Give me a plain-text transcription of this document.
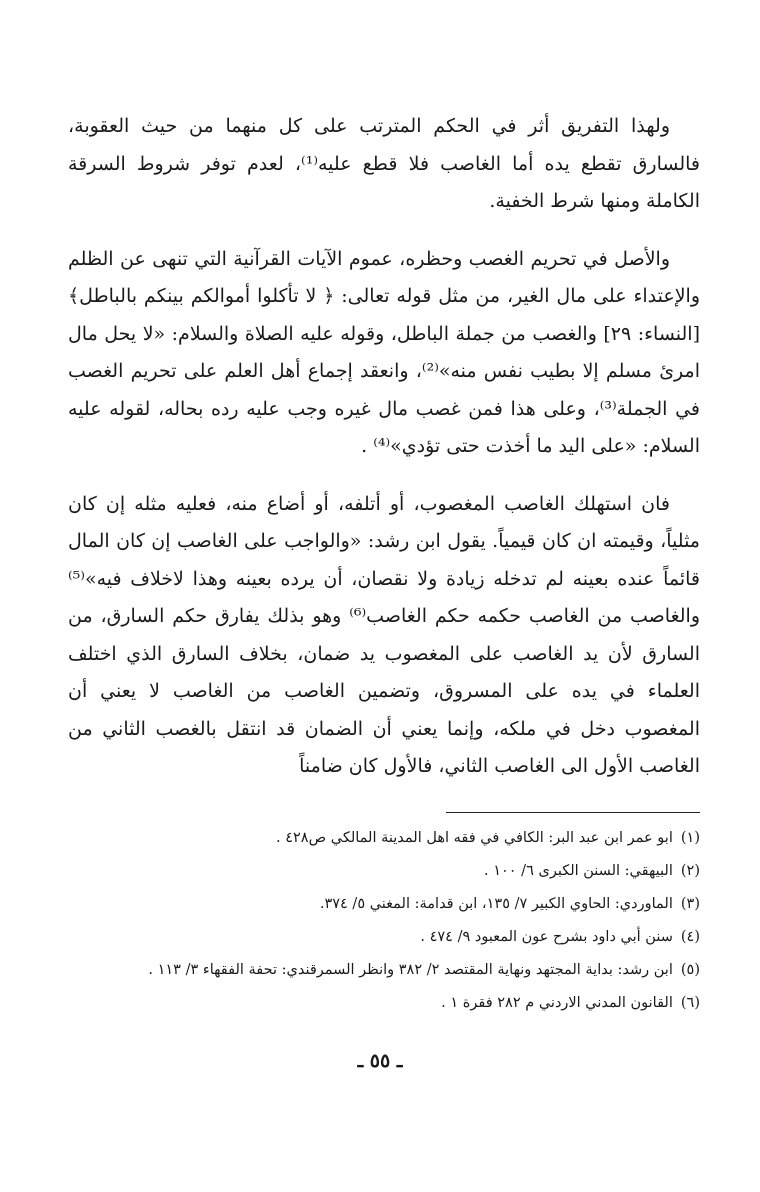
ولهذا التفريق أثر في الحكم المترتب على كل منهما من حيث العقوبة، فالسارق تقطع يده أما الغاصب فلا قطع عليه⁽¹⁾، لعدم توفر شروط السرقة الكاملة ومنها شرط الخفية.

والأصل في تحريم الغصب وحظره، عموم الآيات القرآنية التي تنهى عن الظلم والإعتداء على مال الغير، من مثل قوله تعالى: ﴿ لا تأكلوا أموالكم بينكم بالباطل﴾ [النساء: ٢٩] والغصب من جملة الباطل، وقوله عليه الصلاة والسلام: «لا يحل مال امرئ مسلم إلا بطيب نفس منه»⁽²⁾، وانعقد إجماع أهل العلم على تحريم الغصب في الجملة⁽³⁾، وعلى هذا فمن غصب مال غيره وجب عليه رده بحاله، لقوله عليه السلام: «على اليد ما أخذت حتى تؤدي»⁽⁴⁾ .

فان استهلك الغاصب المغصوب، أو أتلفه، أو أضاع منه، فعليه مثله إن كان مثلياً، وقيمته ان كان قيمياً. يقول ابن رشد: «والواجب على الغاصب إن كان المال قائماً عنده بعينه لم تدخله زيادة ولا نقصان، أن يرده بعينه وهذا لاخلاف فيه»⁽⁵⁾ والغاصب من الغاصب حكمه حكم الغاصب⁽⁶⁾ وهو بذلك يفارق حكم السارق، من السارق لأن يد الغاصب على المغصوب يد ضمان، بخلاف السارق الذي اختلف العلماء في يده على المسروق، وتضمين الغاصب من الغاصب لا يعني أن المغصوب دخل في ملكه، وإنما يعني أن الضمان قد انتقل بالغصب الثاني من الغاصب الأول الى الغاصب الثاني، فالأول كان ضامناً

(١)ابو عمر ابن عبد البر: الكافي في فقه اهل المدينة المالكي ص٤٢٨ .
(٢)البيهقي: السنن الكبرى ٦/ ١٠٠ .
(٣)الماوردي: الحاوي الكبير ٧/ ١٣٥، ابن قدامة: المغني ٥/ ٣٧٤.
(٤)سنن أبي داود بشرح عون المعبود ٩/ ٤٧٤ .
(٥)ابن رشد: بداية المجتهد ونهاية المقتصد ٢/ ٣٨٢ وانظر السمرقندي: تحفة الفقهاء ٣/ ١١٣ .
(٦)القانون المدني الاردني م ٢٨٢ فقرة ١ .
ـ ٥٥ ـ
